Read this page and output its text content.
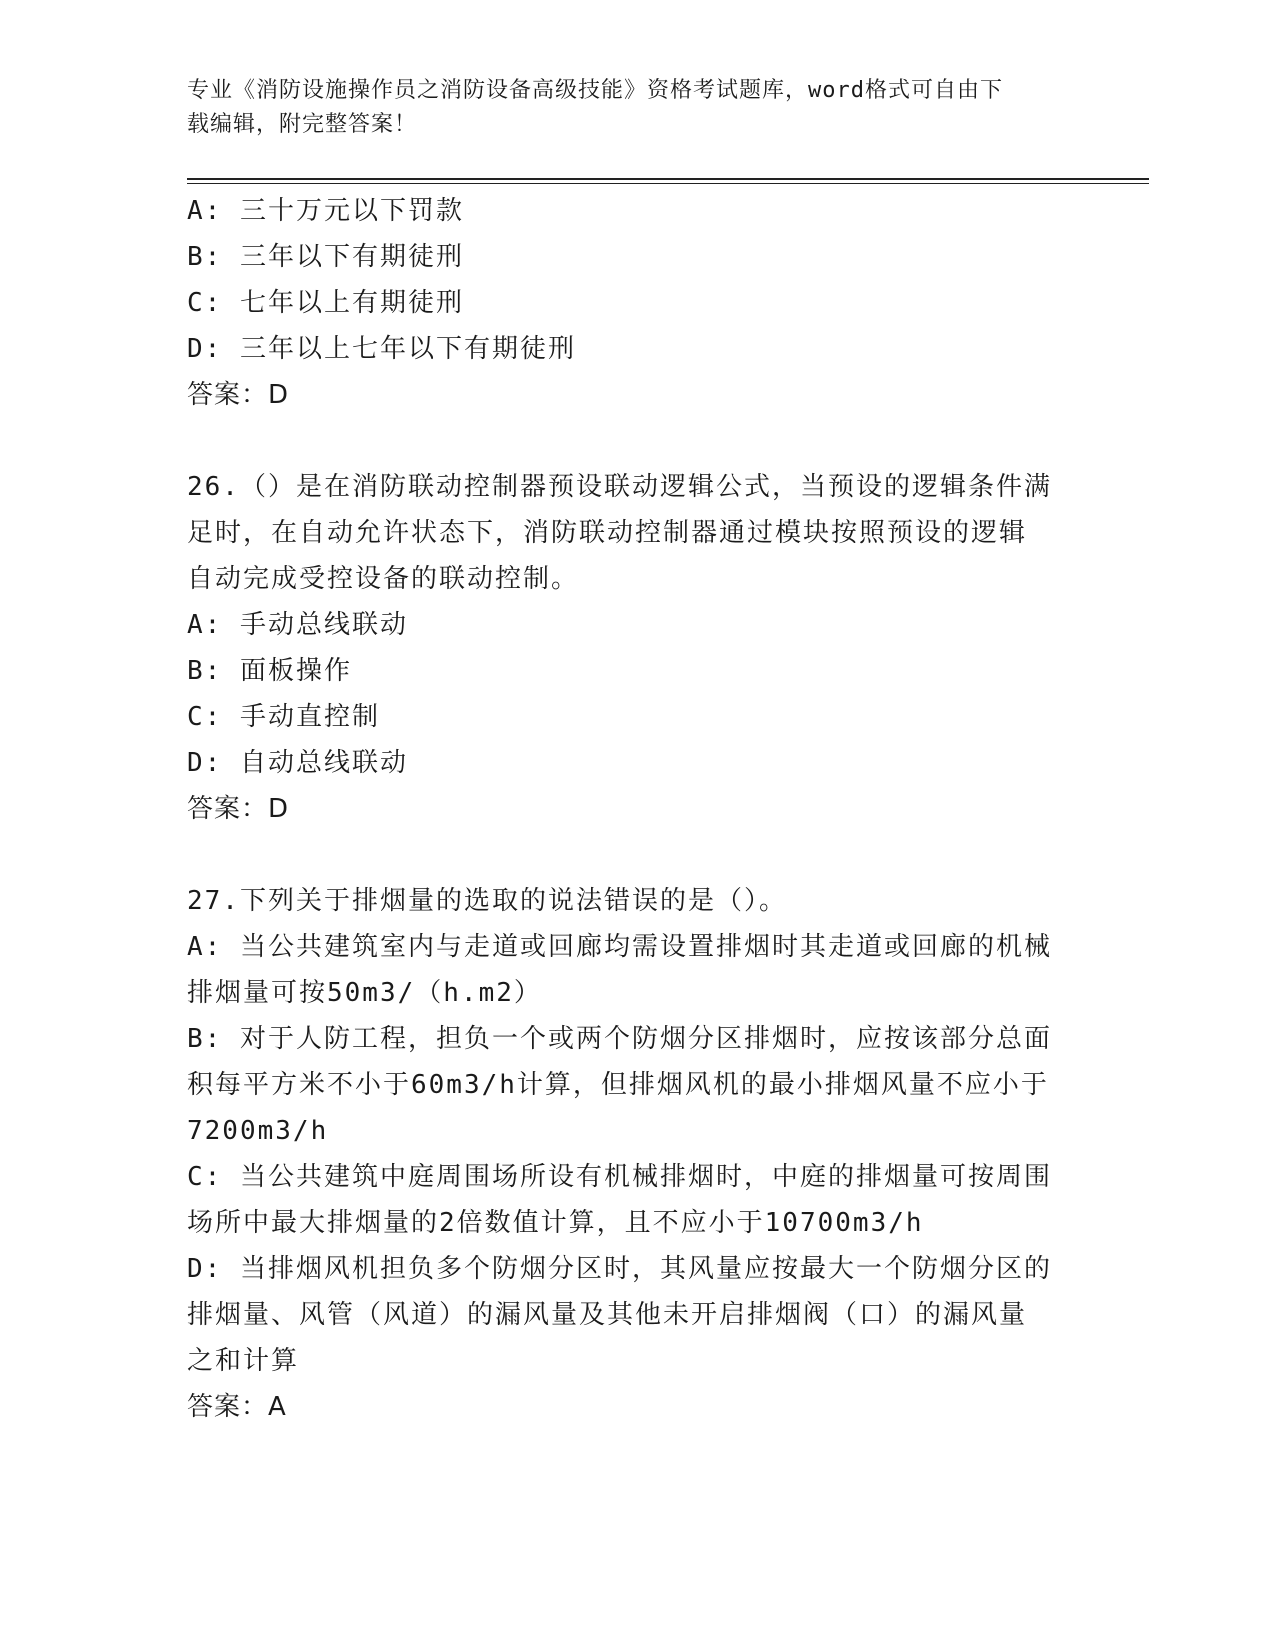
专业《消防设施操作员之消防设备高级技能》资格考试题库，word格式可自由下
载编辑，附完整答案！

A: 三十万元以下罚款

B: 三年以下有期徒刑

C: 七年以上有期徒刑

D: 三年以上七年以下有期徒刑

答案：D

26.（）是在消防联动控制器预设联动逻辑公式，当预设的逻辑条件满

足时，在自动允许状态下，消防联动控制器通过模块按照预设的逻辑

自动完成受控设备的联动控制。

A: 手动总线联动

B: 面板操作

C: 手动直控制

D: 自动总线联动

答案：D

27.下列关于排烟量的选取的说法错误的是（）。

A: 当公共建筑室内与走道或回廊均需设置排烟时其走道或回廊的机械

排烟量可按50m3/（h.m2）

B: 对于人防工程，担负一个或两个防烟分区排烟时，应按该部分总面

积每平方米不小于60m3/h计算，但排烟风机的最小排烟风量不应小于

7200m3/h

C: 当公共建筑中庭周围场所设有机械排烟时，中庭的排烟量可按周围

场所中最大排烟量的2倍数值计算，且不应小于10700m3/h

D: 当排烟风机担负多个防烟分区时，其风量应按最大一个防烟分区的

排烟量、风管（风道）的漏风量及其他未开启排烟阀（口）的漏风量

之和计算

答案：A
